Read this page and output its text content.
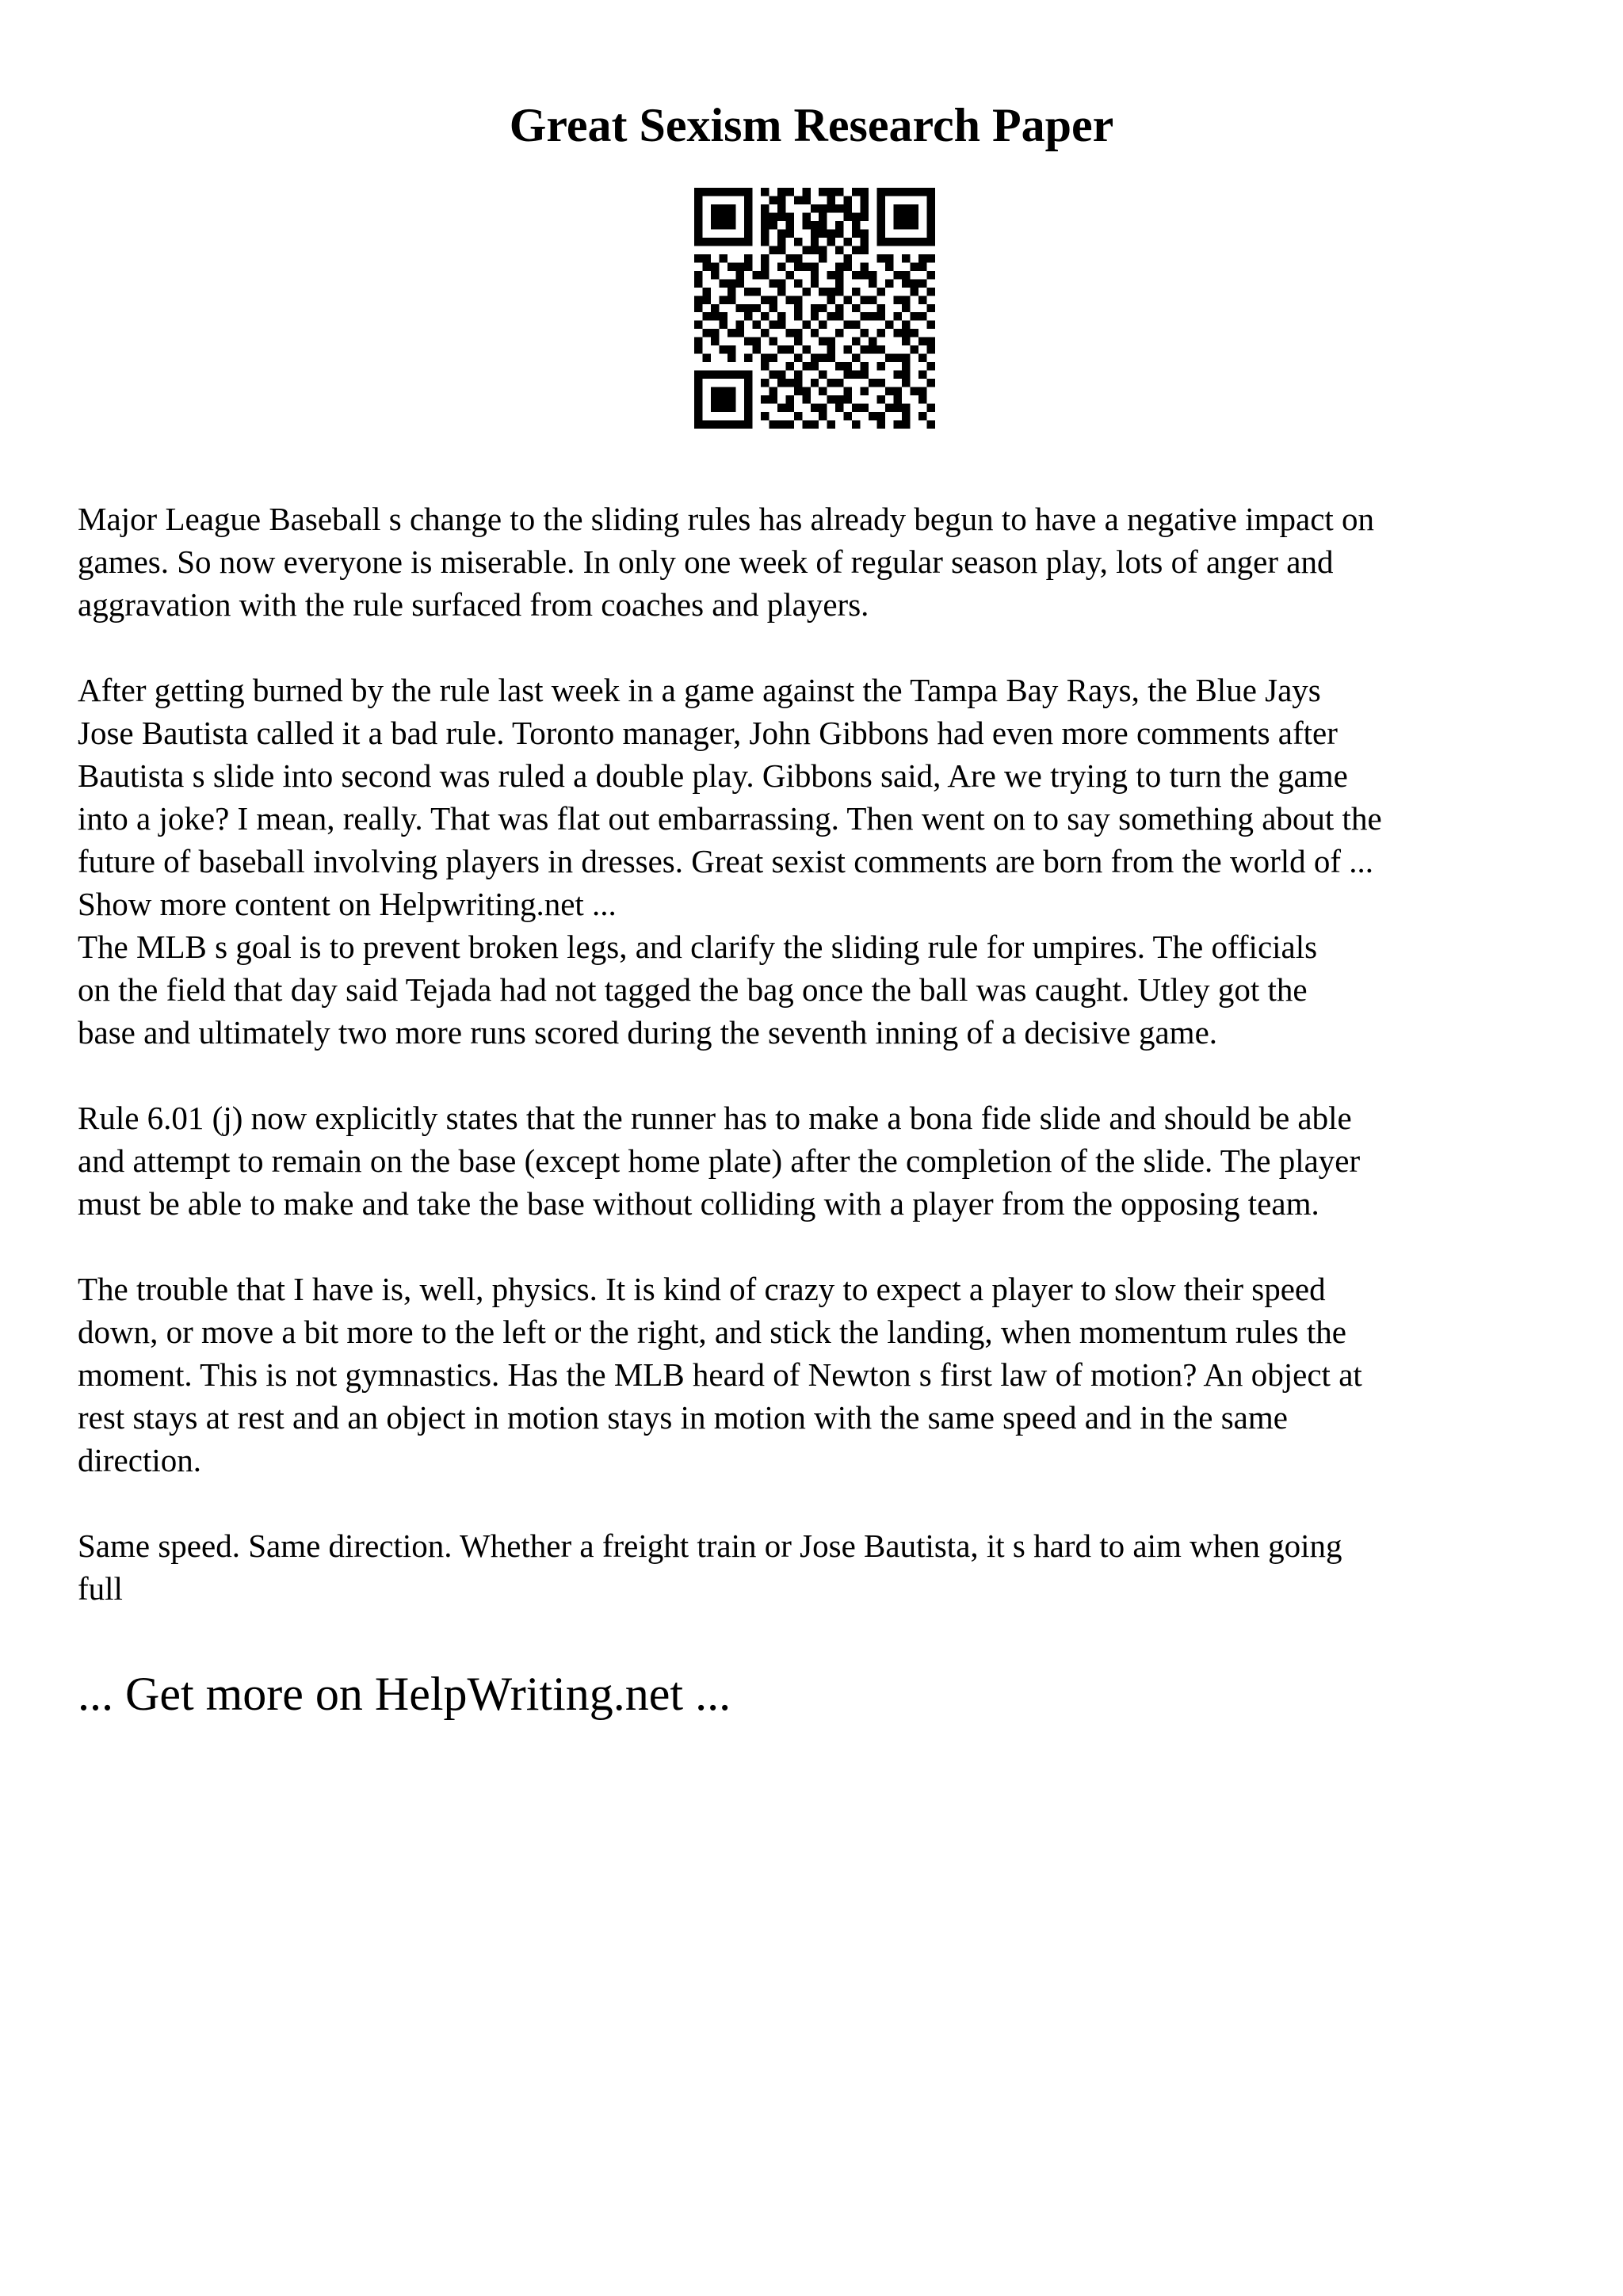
Great Sexism Research Paper

Major League Baseball s change to the sliding rules has already begun to have a negative impact on
games. So now everyone is miserable. In only one week of regular season play, lots of anger and
aggravation with the rule surfaced from coaches and players.

After getting burned by the rule last week in a game against the Tampa Bay Rays, the Blue Jays
Jose Bautista called it a bad rule. Toronto manager, John Gibbons had even more comments after
Bautista s slide into second was ruled a double play. Gibbons said, Are we trying to turn the game
into a joke? I mean, really. That was flat out embarrassing. Then went on to say something about the
future of baseball involving players in dresses. Great sexist comments are born from the world of ...
Show more content on Helpwriting.net ...

The MLB s goal is to prevent broken legs, and clarify the sliding rule for umpires. The officials
on the field that day said Tejada had not tagged the bag once the ball was caught. Utley got the
base and ultimately two more runs scored during the seventh inning of a decisive game.

Rule 6.01 (j) now explicitly states that the runner has to make a bona fide slide and should be able
and attempt to remain on the base (except home plate) after the completion of the slide. The player
must be able to make and take the base without colliding with a player from the opposing team.

The trouble that I have is, well, physics. It is kind of crazy to expect a player to slow their speed
down, or move a bit more to the left or the right, and stick the landing, when momentum rules the
moment. This is not gymnastics. Has the MLB heard of Newton s first law of motion? An object at
rest stays at rest and an object in motion stays in motion with the same speed and in the same
direction.

Same speed. Same direction. Whether a freight train or Jose Bautista, it s hard to aim when going
full

... Get more on HelpWriting.net ...
